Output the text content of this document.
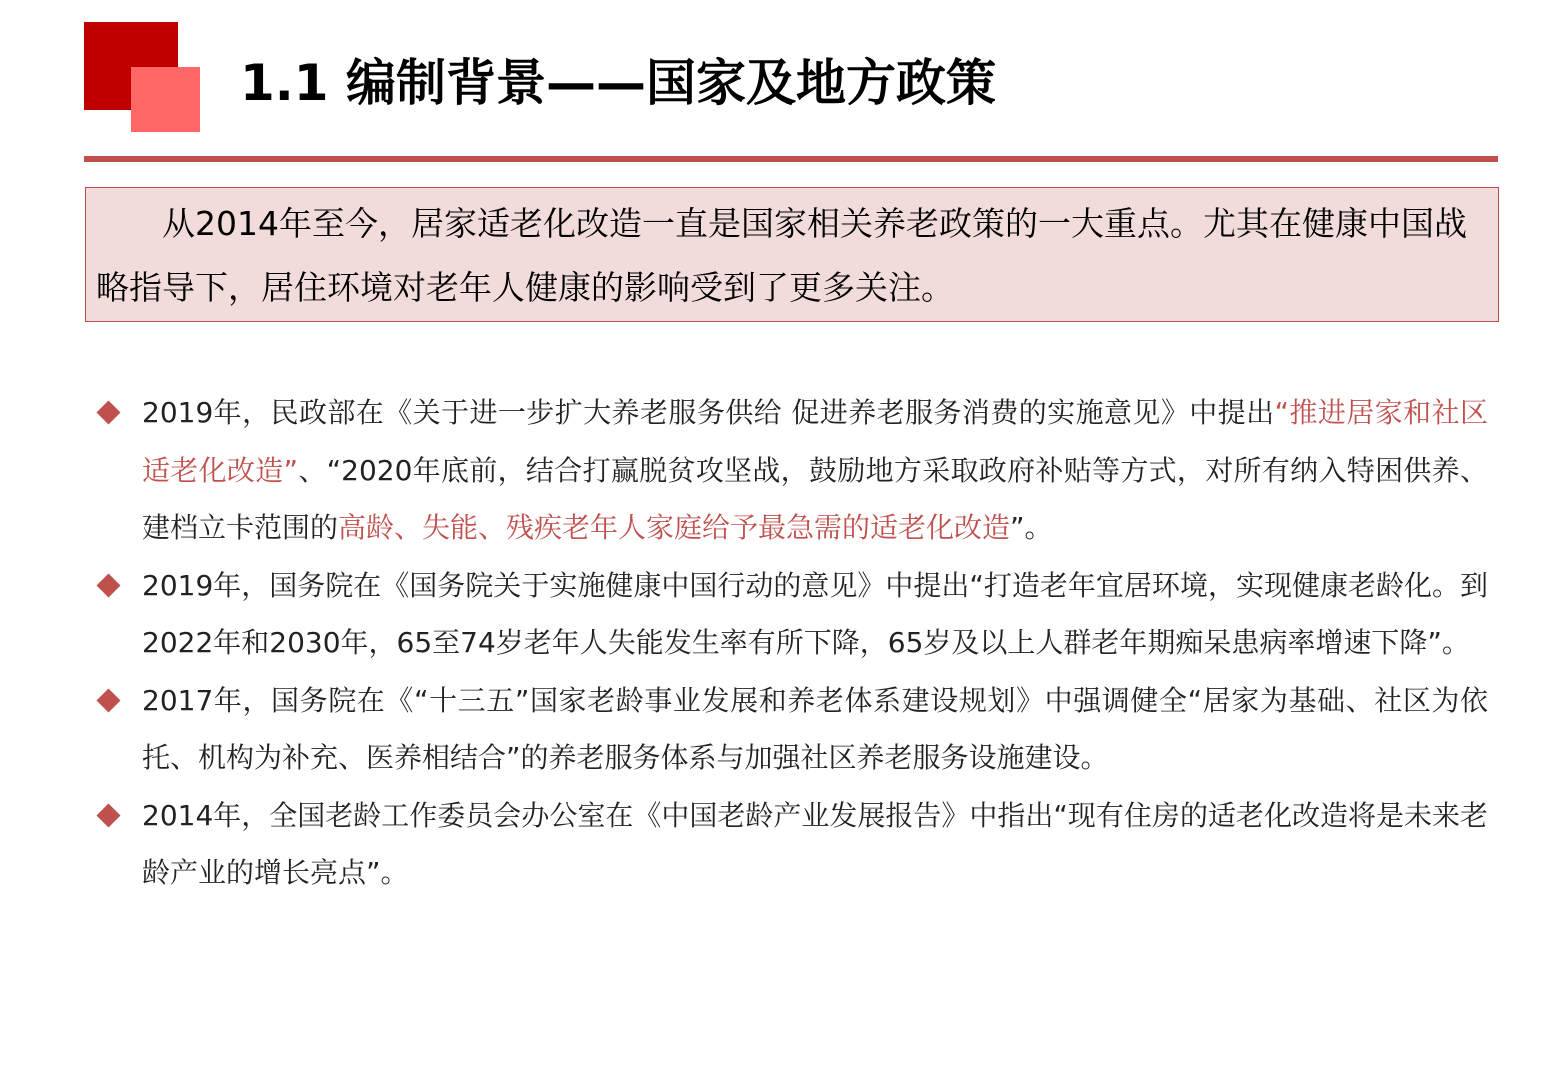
1.1 编制背景——国家及地方政策
从2014年至今，居家适老化改造一直是国家相关养老政策的一大重点。尤其在健康中国战略指导下，居住环境对老年人健康的影响受到了更多关注。
2019年，民政部在《关于进一步扩大养老服务供给 促进养老服务消费的实施意见》中提出“推进居家和社区适老化改造”、“2020年底前，结合打赢脱贫攻坚战，鼓励地方采取政府补贴等方式，对所有纳入特困供养、建档立卡范围的高龄、失能、残疾老年人家庭给予最急需的适老化改造”。
2019年，国务院在《国务院关于实施健康中国行动的意见》中提出“打造老年宜居环境，实现健康老龄化。到2022年和2030年，65至74岁老年人失能发生率有所下降，65岁及以上人群老年期痴呆患病率增速下降”。
2017年，国务院在《“十三五”国家老龄事业发展和养老体系建设规划》中强调健全“居家为基础、社区为依托、机构为补充、医养相结合”的养老服务体系与加强社区养老服务设施建设。
2014年，全国老龄工作委员会办公室在《中国老龄产业发展报告》中指出“现有住房的适老化改造将是未来老龄产业的增长亮点”。
